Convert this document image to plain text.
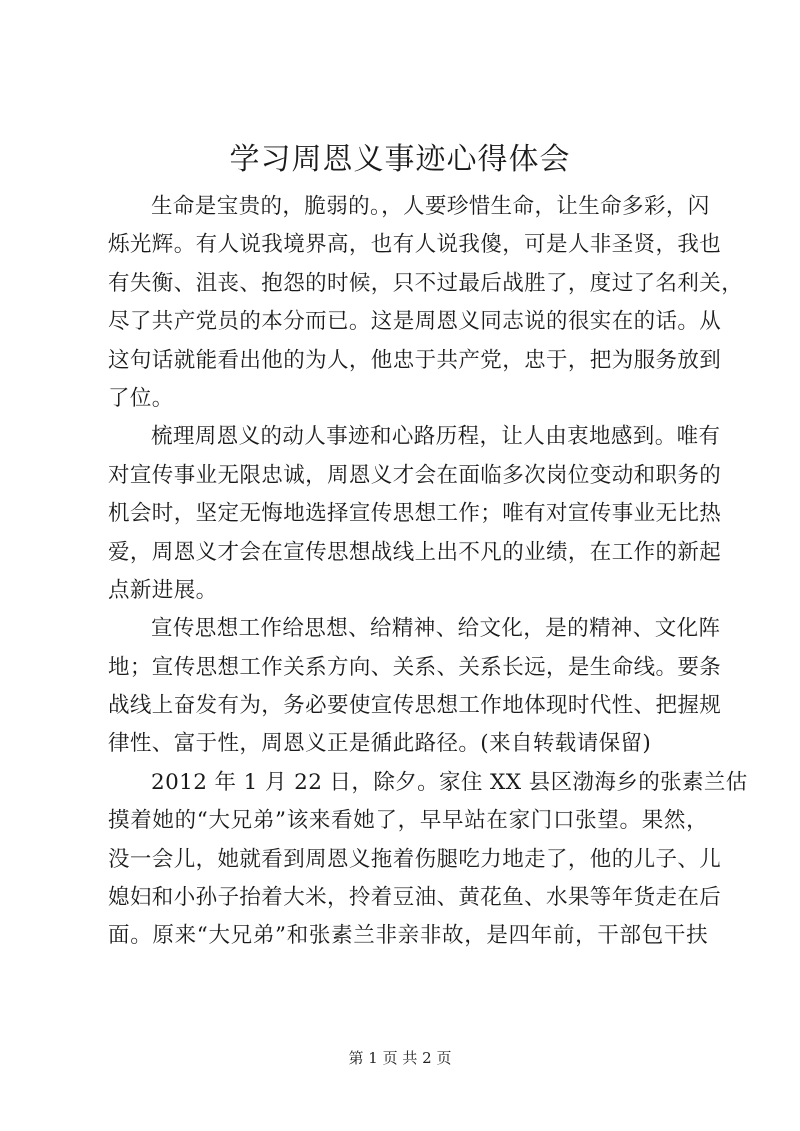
学习周恩义事迹心得体会
生命是宝贵的，脆弱的。，人要珍惜生命，让生命多彩，闪
烁光辉。有人说我境界高，也有人说我傻，可是人非圣贤，我也
有失衡、沮丧、抱怨的时候，只不过最后战胜了，度过了名利关，
尽了共产党员的本分而已。这是周恩义同志说的很实在的话。从
这句话就能看出他的为人，他忠于共产党，忠于，把为服务放到
了位。
梳理周恩义的动人事迹和心路历程，让人由衷地感到。唯有
对宣传事业无限忠诚，周恩义才会在面临多次岗位变动和职务的
机会时，坚定无悔地选择宣传思想工作；唯有对宣传事业无比热
爱，周恩义才会在宣传思想战线上出不凡的业绩，在工作的新起
点新进展。
宣传思想工作给思想、给精神、给文化，是的精神、文化阵
地；宣传思想工作关系方向、关系、关系长远，是生命线。要条
战线上奋发有为，务必要使宣传思想工作地体现时代性、把握规
律性、富于性，周恩义正是循此路径。(来自转载请保留)
2012 年 1 月 22 日，除夕。家住 XX 县区渤海乡的张素兰估
摸着她的“大兄弟”该来看她了，早早站在家门口张望。果然，
没一会儿，她就看到周恩义拖着伤腿吃力地走了，他的儿子、儿
媳妇和小孙子抬着大米，拎着豆油、黄花鱼、水果等年货走在后
面。原来“大兄弟”和张素兰非亲非故，是四年前，干部包干扶
第 1 页 共 2 页
